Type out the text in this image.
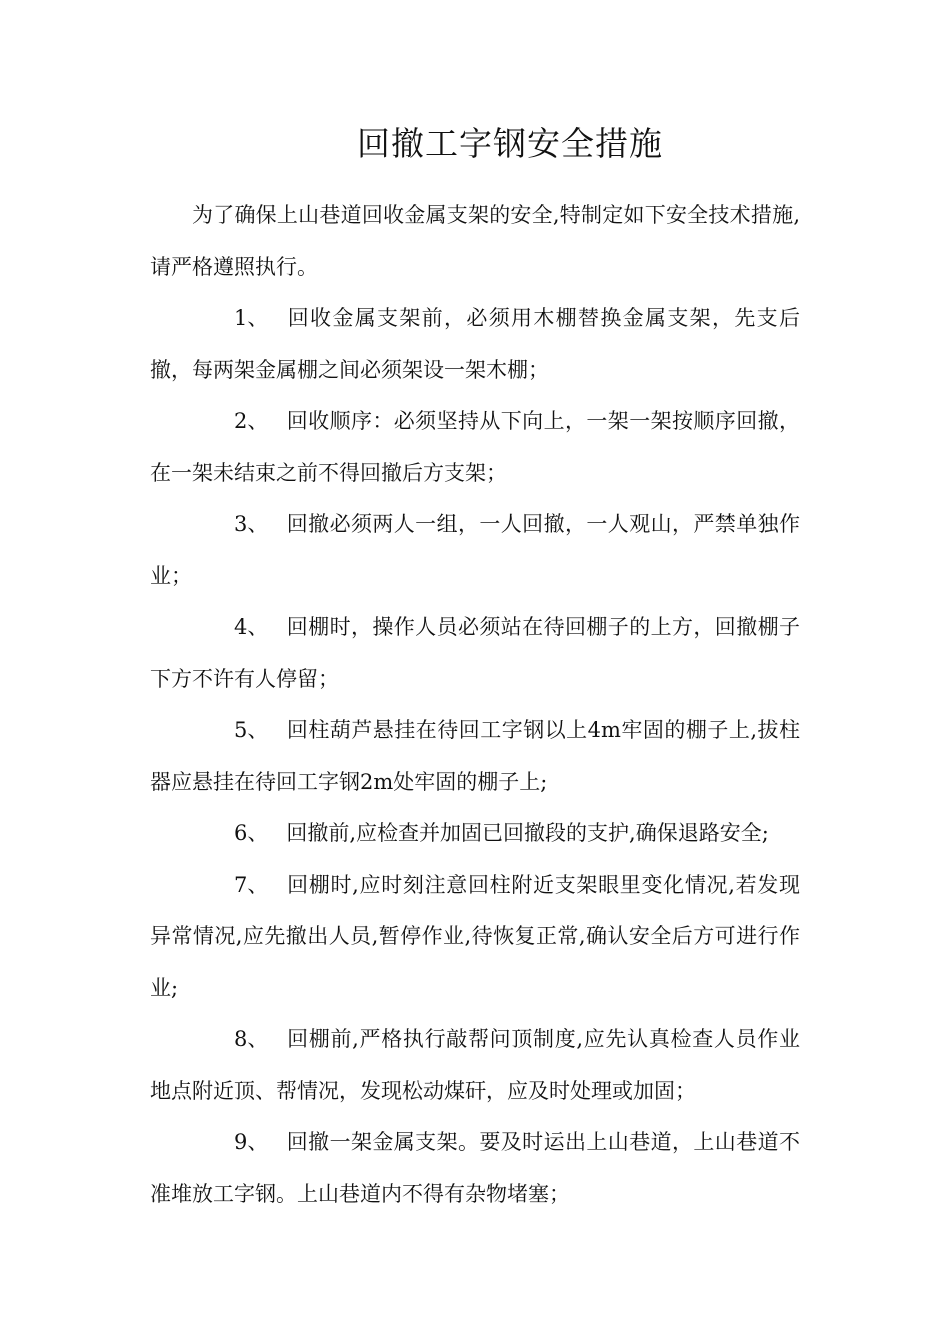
回撤工字钢安全措施

为了确保上山巷道回收金属支架的安全,特制定如下安全技术措施,请严格遵照执行。

1、 回收金属支架前，必须用木棚替换金属支架，先支后撤，每两架金属棚之间必须架设一架木棚；

2、 回收顺序：必须坚持从下向上，一架一架按顺序回撤，在一架未结束之前不得回撤后方支架；

3、 回撤必须两人一组，一人回撤，一人观山，严禁单独作业；

4、 回棚时，操作人员必须站在待回棚子的上方，回撤棚子下方不许有人停留；

5、 回柱葫芦悬挂在待回工字钢以上4m牢固的棚子上,拔柱器应悬挂在待回工字钢2m处牢固的棚子上;

6、 回撤前,应检查并加固已回撤段的支护,确保退路安全;

7、 回棚时,应时刻注意回柱附近支架眼里变化情况,若发现异常情况,应先撤出人员,暂停作业,待恢复正常,确认安全后方可进行作业;

8、 回棚前,严格执行敲帮问顶制度,应先认真检查人员作业地点附近顶、帮情况，发现松动煤矸，应及时处理或加固；

9、 回撤一架金属支架。要及时运出上山巷道，上山巷道不准堆放工字钢。上山巷道内不得有杂物堵塞；
